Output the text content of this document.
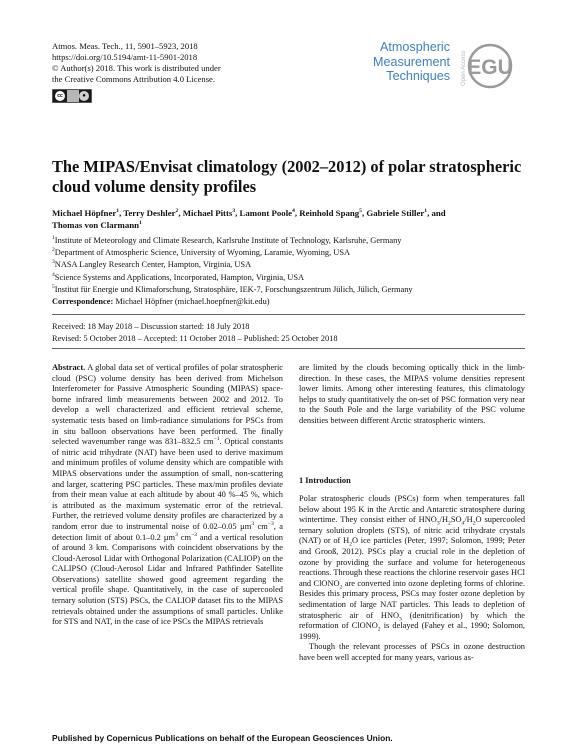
Atmos. Meas. Tech., 11, 5901–5923, 2018
https://doi.org/10.5194/amt-11-5901-2018
© Author(s) 2018. This work is distributed under
the Creative Commons Attribution 4.0 License.
cc	●
Atmospheric
Measurement
Techniques EGU
Open Access
The MIPAS/Envisat climatology (2002–2012) of polar stratospheric cloud volume density profiles
Michael Höpfner$^1$, Terry Deshler$^2$, Michael Pitts$^3$, Lamont Poole$^4$, Reinhold Spang$^5$, Gabriele Stiller$^1$, and
Thomas von Clarmann$^1$
$^1$Institute of Meteorology and Climate Research, Karlsruhe Institute of Technology, Karlsruhe, Germany
$^2$Department of Atmospheric Science, University of Wyoming, Laramie, Wyoming, USA
$^3$NASA Langley Research Center, Hampton, Virginia, USA
$^4$Science Systems and Applications, Incorporated, Hampton, Virginia, USA
$^5$Institut für Energie und Klimaforschung, Stratosphäre, IEK-7, Forschungszentrum Jülich, Jülich, Germany
Correspondence: Michael Höpfner (michael.hoepfner@kit.edu)
Received: 18 May 2018 – Discussion started: 18 July 2018
Revised: 5 October 2018 – Accepted: 11 October 2018 – Published: 25 October 2018

Abstract. A global data set of vertical profiles of polar stratospheric cloud (PSC) volume density has been derived from Michelson Interferometer for Passive Atmospheric Sounding (MIPAS) space-borne infrared limb measurements between 2002 and 2012. To develop a well characterized and efficient retrieval scheme, systematic tests based on limb-radiance simulations for PSCs from in situ balloon observations have been performed. The finally selected wavenumber range was 831–832.5 $cm^{-1}$. Optical constants of nitric acid trihydrate (NAT) have been used to derive maximum and minimum profiles of volume density which are compatible with MIPAS observations under the assumption of small, non-scattering and larger, scattering PSC particles. These max/min profiles deviate from their mean value at each altitude by about 40 %–45 %, which is attributed as the maximum systematic error of the retrieval. Further, the retrieved volume density profiles are characterized by a random error due to instrumental noise of 0.02–0.05 µm$^3$ $cm^{-3}$, a detection limit of about 0.1–0.2 µm$^3$ $cm^{-3}$ and a vertical resolution of around 3 km. Comparisons with coincident observations by the Cloud-Aerosol Lidar with Orthogonal Polarization (CALIOP) on the CALIPSO (Cloud-Aerosol Lidar and Infrared Pathfinder Satellite Observations) satellite showed good agreement regarding the vertical profile shape. Quantitatively, in the case of supercooled ternary solution (STS) PSCs, the CALIOP dataset fits to the MIPAS retrievals obtained under the assumptions of small particles. Unlike for STS and NAT, in the case of ice PSCs the MIPAS retrievals

are limited by the clouds becoming optically thick in the limb-direction. In these cases, the MIPAS volume densities represent lower limits. Among other interesting features, this climatology helps to study quantitatively the on-set of PSC formation very near to the South Pole and the large variability of the PSC volume densities between different Arctic stratospheric winters.
1 Introduction

Polar stratospheric clouds (PSCs) form when temperatures fall below about 195 K in the Arctic and Antarctic stratosphere during wintertime. They consist either of $HNO_3/H_2SO_4/H_2O$ supercooled ternary solution droplets (STS), of nitric acid trihydrate crystals (NAT) or of $H_2O$ ice particles (Peter, 1997; Solomon, 1999; Peter and Grooß, 2012). PSCs play a crucial role in the depletion of ozone by providing the surface and volume for heterogeneous reactions. Through these reactions the chlorine reservoir gases HCl and ClONO$_2$ are converted into ozone depleting forms of chlorine. Besides this primary process, PSCs may foster ozone depletion by sedimentation of large NAT particles. This leads to depletion of stratospheric air of $HNO_3$ (denitrification) by which the reformation of ClONO$_2$ is delayed (Fahey et al., 1990; Solomon, 1999).

Though the relevant processes of PSCs in ozone destruction have been well accepted for many years, various as-

Published by Copernicus Publications on behalf of the European Geosciences Union.
